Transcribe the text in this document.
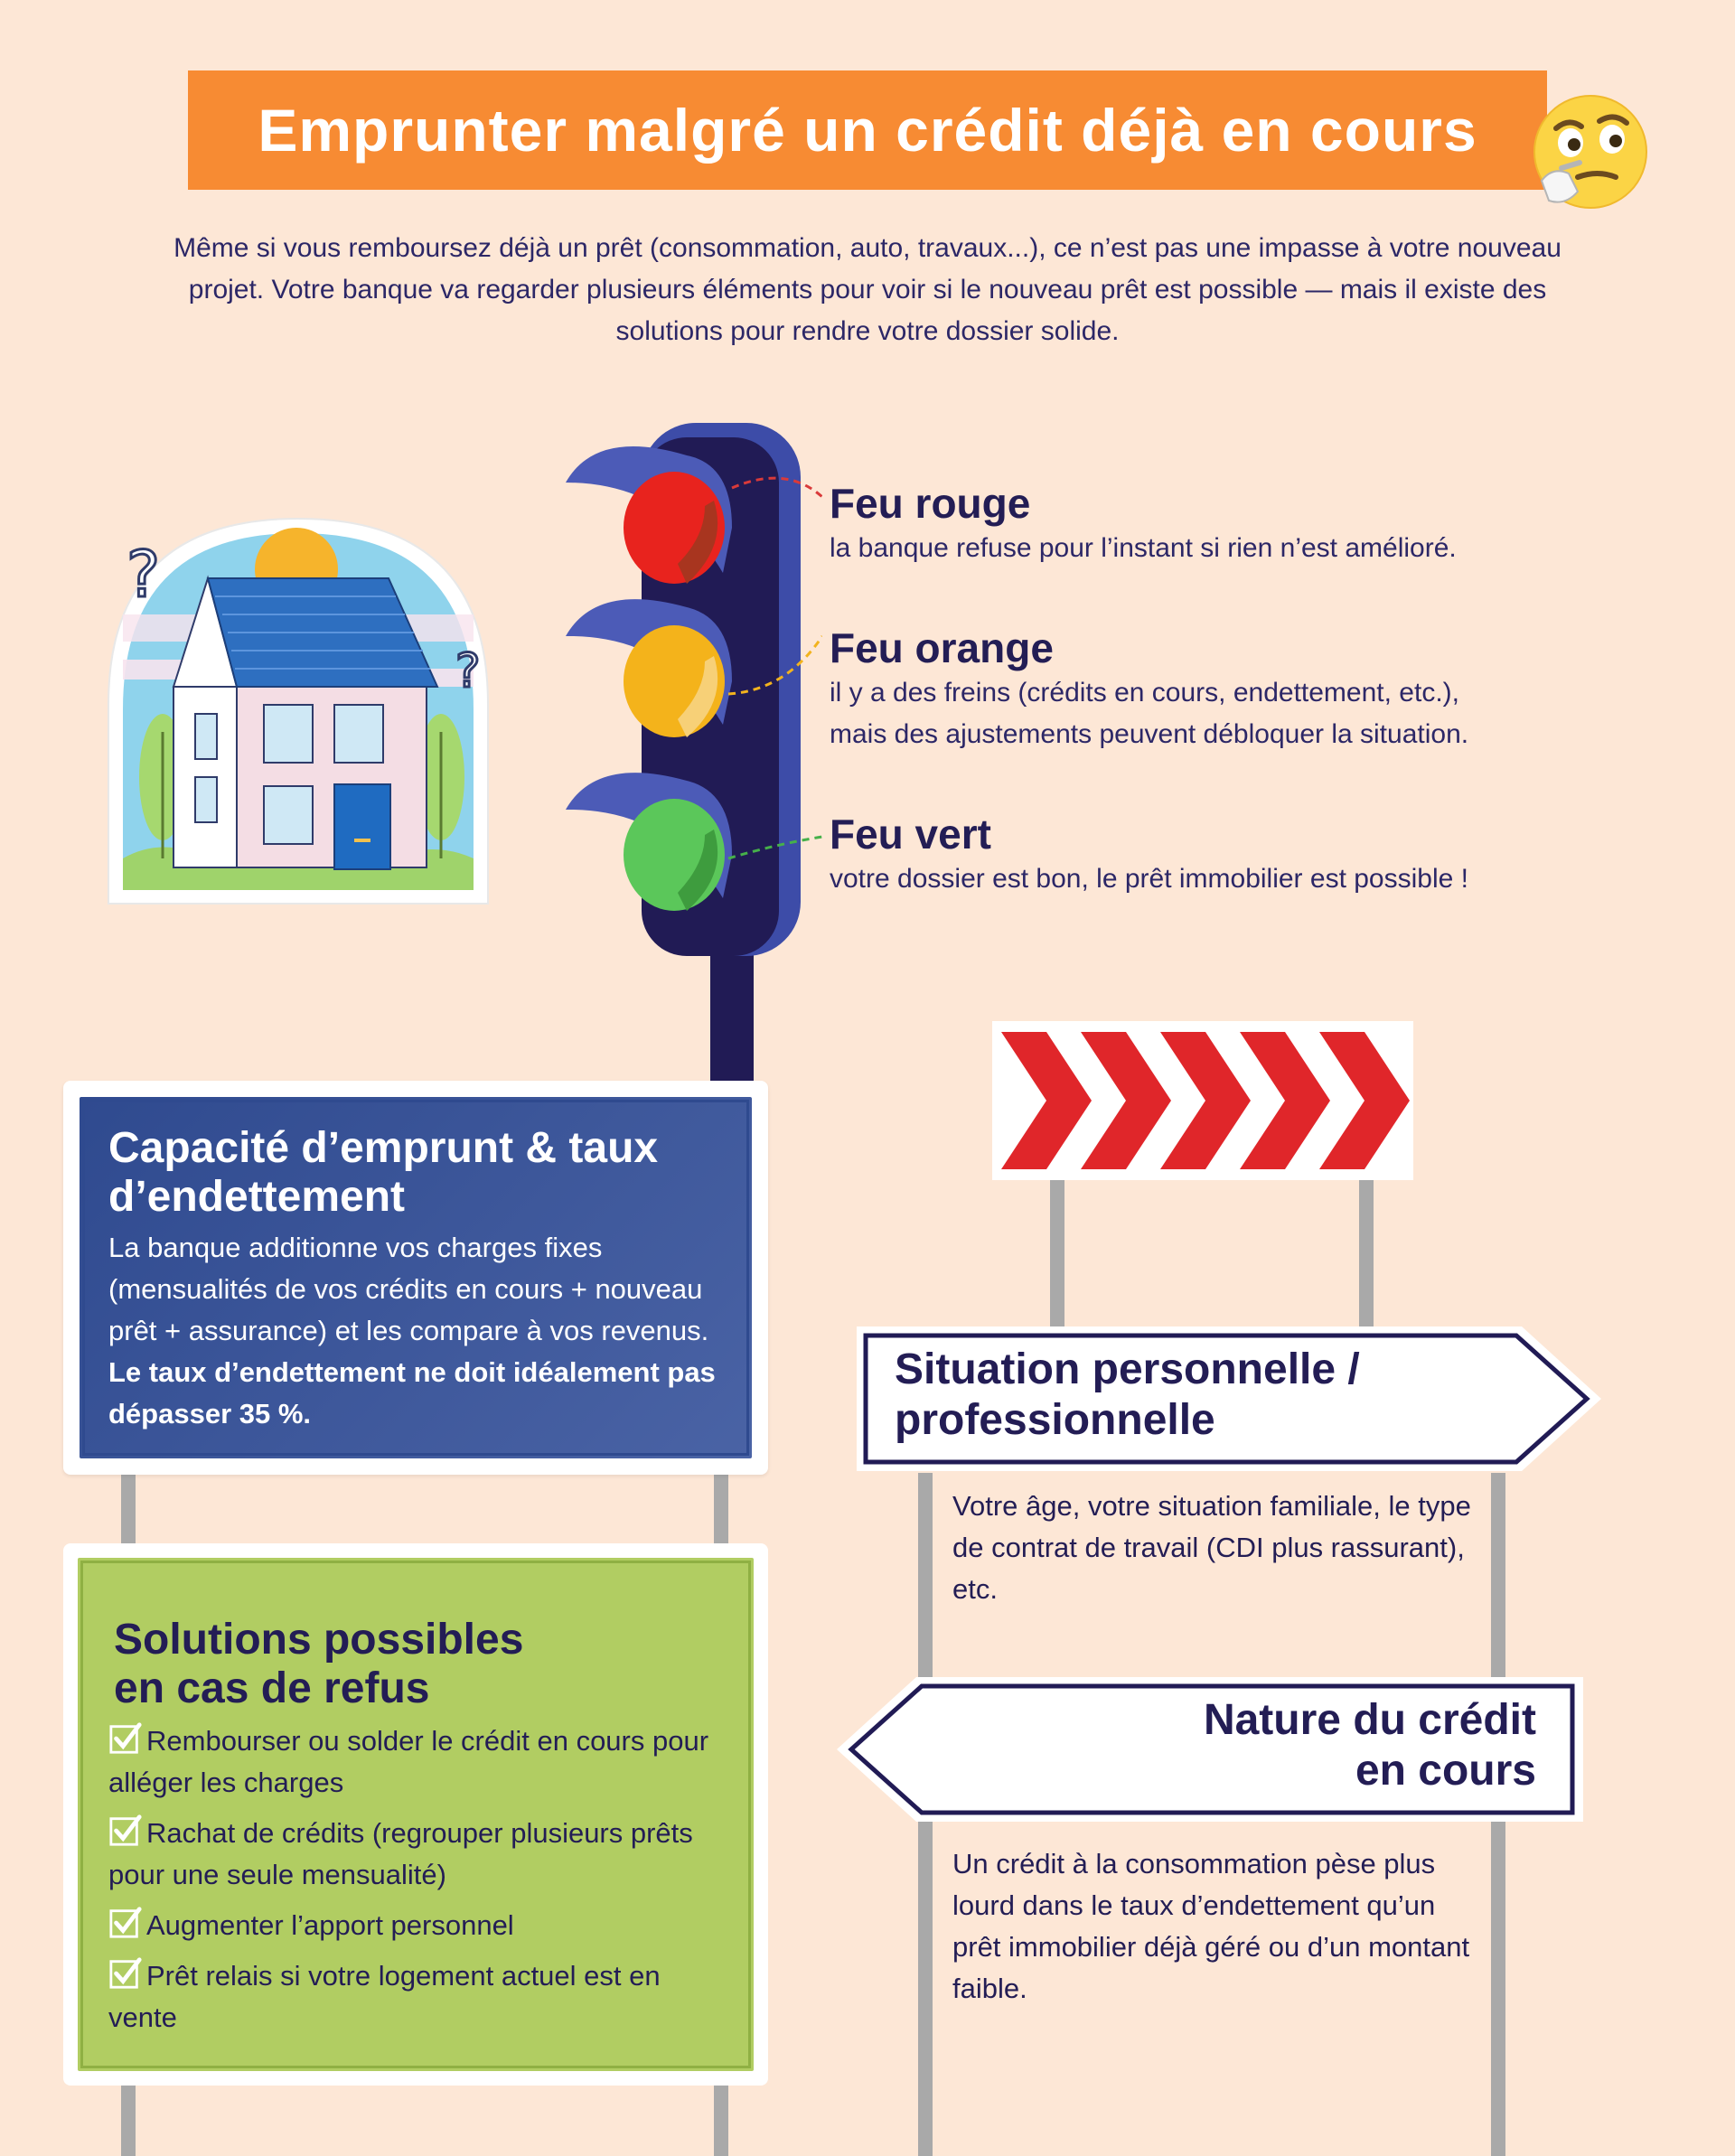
Emprunter malgré un crédit déjà en cours

Même si vous remboursez déjà un prêt (consommation, auto, travaux...), ce n’est pas une impasse à votre nouveau projet. Votre banque va regarder plusieurs éléments pour voir si le nouveau prêt est possible — mais il existe des solutions pour rendre votre dossier solide.

?
?
Feu rouge
la banque refuse pour l’instant si rien n’est amélioré.
Feu orange
il y a des freins (crédits en cours, endettement, etc.),
mais des ajustements peuvent débloquer la situation.
Feu vert
votre dossier est bon, le prêt immobilier est possible !
Capacité d’emprunt & taux d’endettement

La banque additionne vos charges fixes (mensualités de vos crédits en cours + nouveau prêt + assurance) et les compare à vos revenus. Le taux d’endettement ne doit idéalement pas dépasser 35 %.

Solutions possibles
en cas de refus
Rembourser ou solder le crédit en cours pour alléger les charges
Rachat de crédits (regrouper plusieurs prêts pour une seule mensualité)
Augmenter l’apport personnel
Prêt relais si votre logement actuel est en vente
Situation personnelle /
professionnelle

Votre âge, votre situation familiale, le type de contrat de travail (CDI plus rassurant), etc.

Nature du crédit
en cours

Un crédit à la consommation pèse plus lourd dans le taux d’endettement qu’un prêt immobilier déjà géré ou d’un montant faible.
